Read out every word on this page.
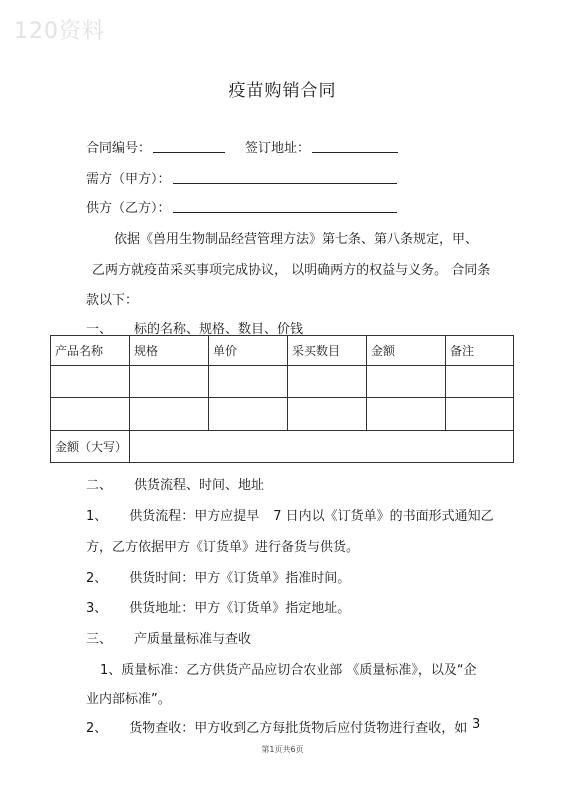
120资料
疫苗购销合同
合同编号：	签订地址：
需方（甲方）：
供方（乙方）：
依据《兽用生物制品经营管理方法》第七条、第八条规定，甲、
乙两方就疫苗采买事项完成协议， 以明确两方的权益与义务。 合同条
款以下：
一、 标的名称、规格、数目、价钱
产品名称	规格	单价	采买数目	金额	备注

金额（大写）					
二、 供货流程、时间、地址
1、 供货流程：甲方应提早 7 日内以《订货单》的书面形式通知乙
方，乙方依据甲方《订货单》进行备货与供货。
2、 供货时间：甲方《订货单》指准时间。
3、 供货地址：甲方《订货单》指定地址。
三、 产质量量标准与查收
1、质量标准：乙方供货产品应切合农业部 《质量标准》，以及“企
业内部标准”。
2、 货物查收：甲方收到乙方每批货物后应付货物进行查收，如 3
第1页共6页
